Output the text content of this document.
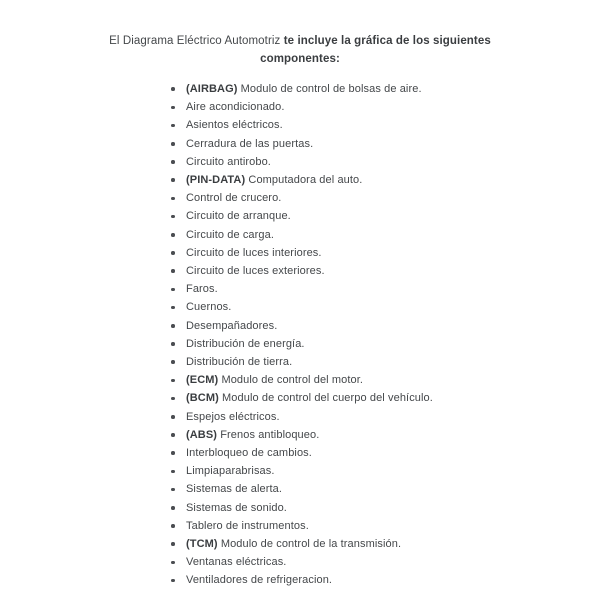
El Diagrama Eléctrico Automotriz te incluye la gráfica de los siguientes
componentes:

(AIRBAG) Modulo de control de bolsas de aire.
Aire acondicionado.
Asientos eléctricos.
Cerradura de las puertas.
Circuito antirobo.
(PIN-DATA) Computadora del auto.
Control de crucero.
Circuito de arranque.
Circuito de carga.
Circuito de luces interiores.
Circuito de luces exteriores.
Faros.
Cuernos.
Desempañadores.
Distribución de energía.
Distribución de tierra.
(ECM) Modulo de control del motor.
(BCM) Modulo de control del cuerpo del vehículo.
Espejos eléctricos.
(ABS) Frenos antibloqueo.
Interbloqueo de cambios.
Limpiaparabrisas.
Sistemas de alerta.
Sistemas de sonido.
Tablero de instrumentos.
(TCM) Modulo de control de la transmisión.
Ventanas eléctricas.
Ventiladores de refrigeracion.
